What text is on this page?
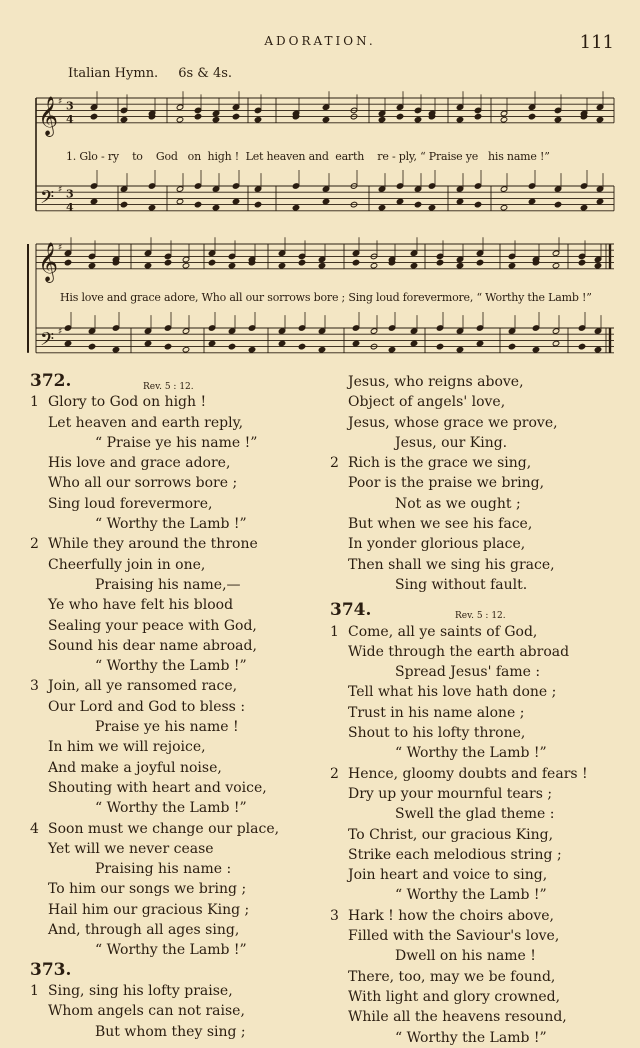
ADORATION.	111
Italian Hymn. 6s & 4s.
𝄞
𝄞
𝄢
𝄢
3
4
♯
3
4
♯
♯
♯
1. Glo - ry    to    God   on  high !  Let heaven and  earth    re - ply, “ Praise ye   his name !”
His love and grace adore, Who all our sorrows bore ; Sing loud forevermore, “ Worthy the Lamb !”
372.	Rev. 5 : 12.
1 Glory to God on high !
Let heaven and earth reply,
“ Praise ye his name !”
His love and grace adore,
Who all our sorrows bore ;
Sing loud forevermore,
“ Worthy the Lamb !”
2 While they around the throne
Cheerfully join in one,
Praising his name,—
Ye who have felt his blood
Sealing your peace with God,
Sound his dear name abroad,
“ Worthy the Lamb !”
3 Join, all ye ransomed race,
Our Lord and God to bless :
Praise ye his name !
In him we will rejoice,
And make a joyful noise,
Shouting with heart and voice,
“ Worthy the Lamb !”
4 Soon must we change our place,
Yet will we never cease
Praising his name :
To him our songs we bring ;
Hail him our gracious King ;
And, through all ages sing,
“ Worthy the Lamb !”
373.
1 Sing, sing his lofty praise,
Whom angels can not raise,
But whom they sing ;
Jesus, who reigns above,
Object of angels' love,
Jesus, whose grace we prove,
Jesus, our King.
2 Rich is the grace we sing,
Poor is the praise we bring,
Not as we ought ;
But when we see his face,
In yonder glorious place,
Then shall we sing his grace,
Sing without fault.
374.	Rev. 5 : 12.
1 Come, all ye saints of God,
Wide through the earth abroad
Spread Jesus' fame :
Tell what his love hath done ;
Trust in his name alone ;
Shout to his lofty throne,
“ Worthy the Lamb !”
2 Hence, gloomy doubts and fears !
Dry up your mournful tears ;
Swell the glad theme :
To Christ, our gracious King,
Strike each melodious string ;
Join heart and voice to sing,
“ Worthy the Lamb !”
3 Hark ! how the choirs above,
Filled with the Saviour's love,
Dwell on his name !
There, too, may we be found,
With light and glory crowned,
While all the heavens resound,
“ Worthy the Lamb !”
